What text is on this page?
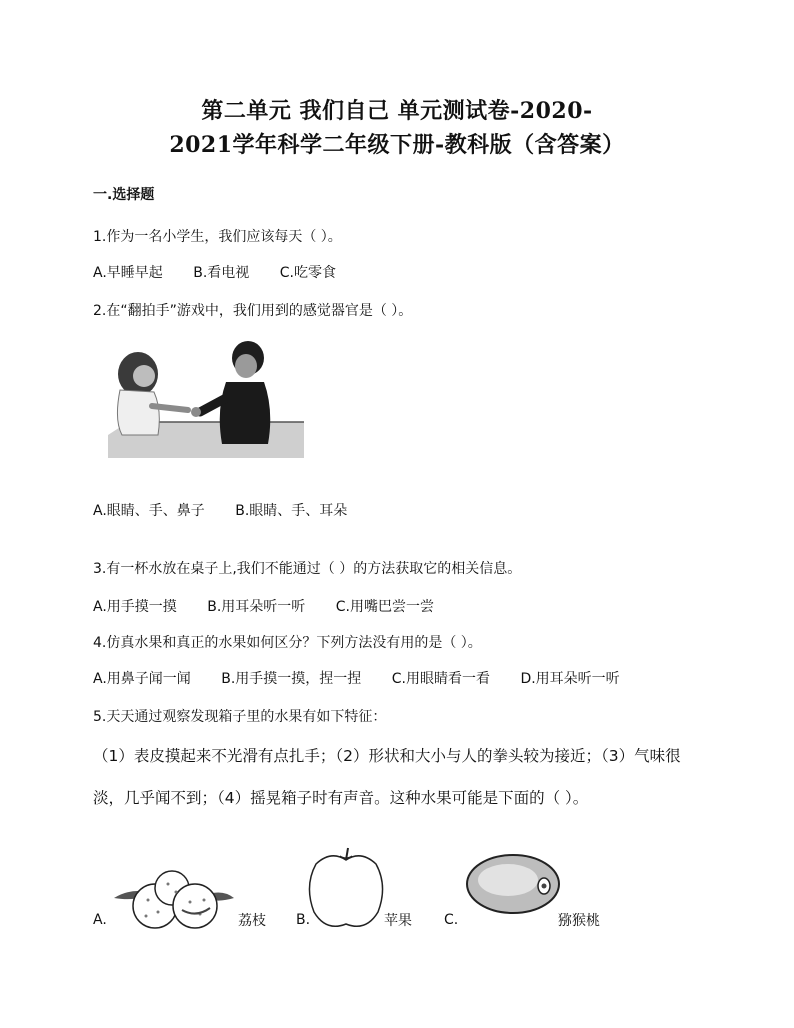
第二单元 我们自己 单元测试卷-2020-
2021学年科学二年级下册-教科版（含答案）
一.选择题
1.作为一名小学生，我们应该每天（ ）。
A.早睡早起 B.看电视 C.吃零食
2.在“翻拍手”游戏中，我们用到的感觉器官是（ ）。
A.眼睛、手、鼻子 B.眼睛、手、耳朵
3.有一杯水放在桌子上,我们不能通过（ ）的方法获取它的相关信息。
A.用手摸一摸 B.用耳朵听一听 C.用嘴巴尝一尝
4.仿真水果和真正的水果如何区分？下列方法没有用的是（ ）。
A.用鼻子闻一闻 B.用手摸一摸，捏一捏 C.用眼睛看一看 D.用耳朵听一听
5.天天通过观察发现箱子里的水果有如下特征：
（1）表皮摸起来不光滑有点扎手；（2）形状和大小与人的拳头较为接近；（3）气味很
淡，几乎闻不到；（4）摇晃箱子时有声音。这种水果可能是下面的（ ）。
A.	荔枝 B.	苹果 C.	猕猴桃
